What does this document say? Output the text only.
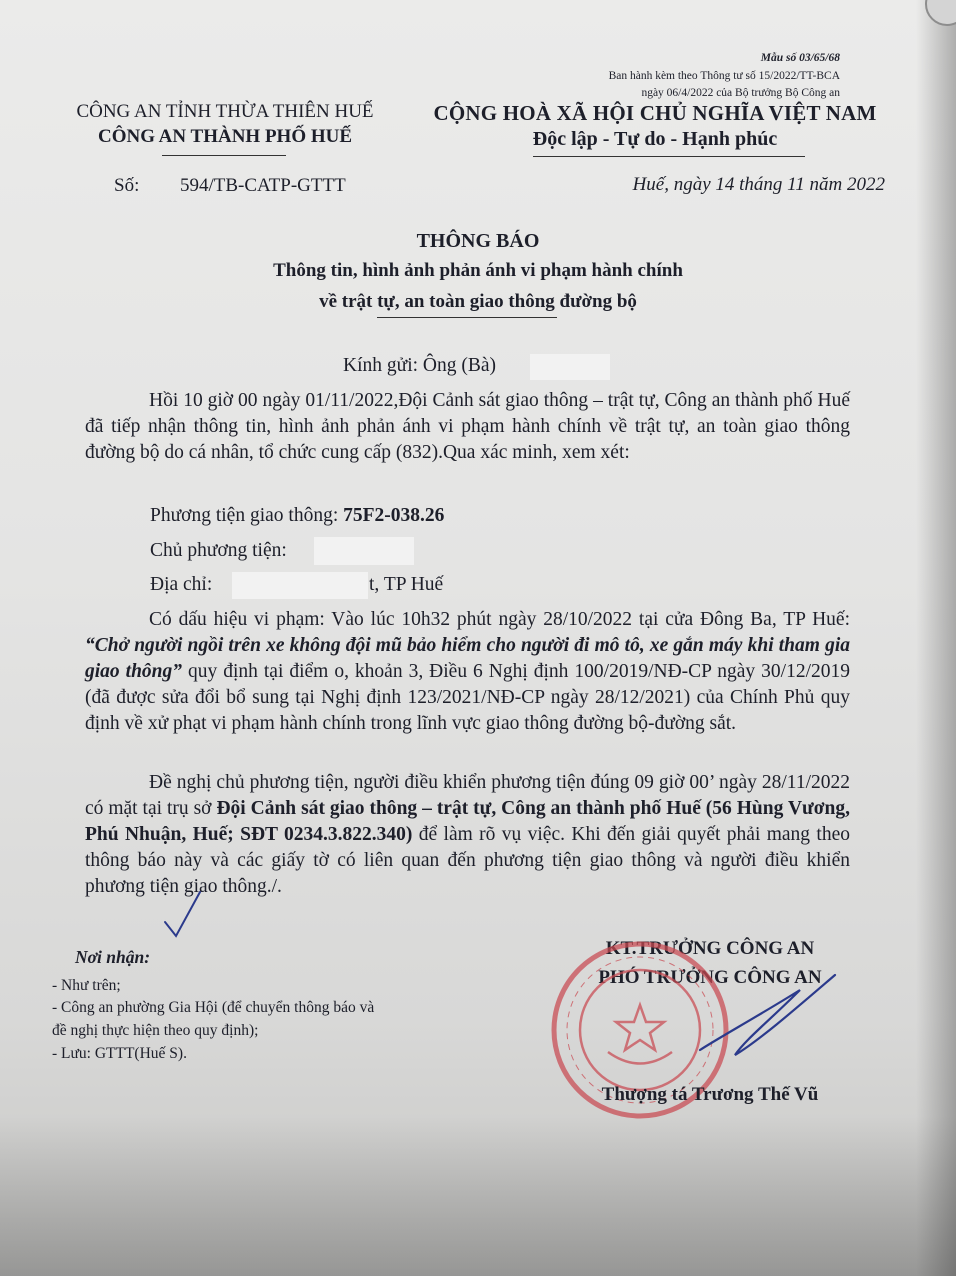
Mẫu số 03/65/68
Ban hành kèm theo Thông tư số 15/2022/TT-BCA
ngày 06/4/2022 của Bộ trưởng Bộ Công an
CÔNG AN TỈNH THỪA THIÊN HUẾ
CÔNG AN THÀNH PHỐ HUẾ
CỘNG HOÀ XÃ HỘI CHỦ NGHĨA VIỆT NAM
Độc lập - Tự do - Hạnh phúc
Số: 594/TB-CATP-GTTT	Huế, ngày 14 tháng 11 năm 2022
THÔNG BÁO
Thông tin, hình ảnh phản ánh vi phạm hành chính
về trật tự, an toàn giao thông đường bộ
Kính gửi: Ông (Bà)
Hồi 10 giờ 00 ngày 01/11/2022,Đội Cảnh sát giao thông – trật tự, Công an thành phố Huế đã tiếp nhận thông tin, hình ảnh phản ánh vi phạm hành chính về trật tự, an toàn giao thông đường bộ do cá nhân, tổ chức cung cấp (832).Qua xác minh, xem xét:
Phương tiện giao thông: 75F2-038.26
Chủ phương tiện:
Địa chỉ:	t, TP Huế
Có dấu hiệu vi phạm: Vào lúc 10h32 phút ngày 28/10/2022 tại cửa Đông Ba, TP Huế: “Chở người ngồi trên xe không đội mũ bảo hiểm cho người đi mô tô, xe gắn máy khi tham gia giao thông” quy định tại điểm o, khoản 3, Điều 6 Nghị định 100/2019/NĐ-CP ngày 30/12/2019 (đã được sửa đổi bổ sung tại Nghị định 123/2021/NĐ-CP ngày 28/12/2021) của Chính Phủ quy định về xử phạt vi phạm hành chính trong lĩnh vực giao thông đường bộ-đường sắt.
Đề nghị chủ phương tiện, người điều khiển phương tiện đúng 09 giờ 00’ ngày 28/11/2022 có mặt tại trụ sở Đội Cảnh sát giao thông – trật tự, Công an thành phố Huế (56 Hùng Vương, Phú Nhuận, Huế; SĐT 0234.3.822.340) để làm rõ vụ việc. Khi đến giải quyết phải mang theo thông báo này và các giấy tờ có liên quan đến phương tiện giao thông và người điều khiển phương tiện giao thông./.
Nơi nhận:
- Như trên;
- Công an phường Gia Hội (để chuyển thông báo và
đề nghị thực hiện theo quy định);
- Lưu: GTTT(Huế S).
KT.TRƯỞNG CÔNG AN
PHÓ TRƯỞNG CÔNG AN
Thượng tá Trương Thế Vũ
